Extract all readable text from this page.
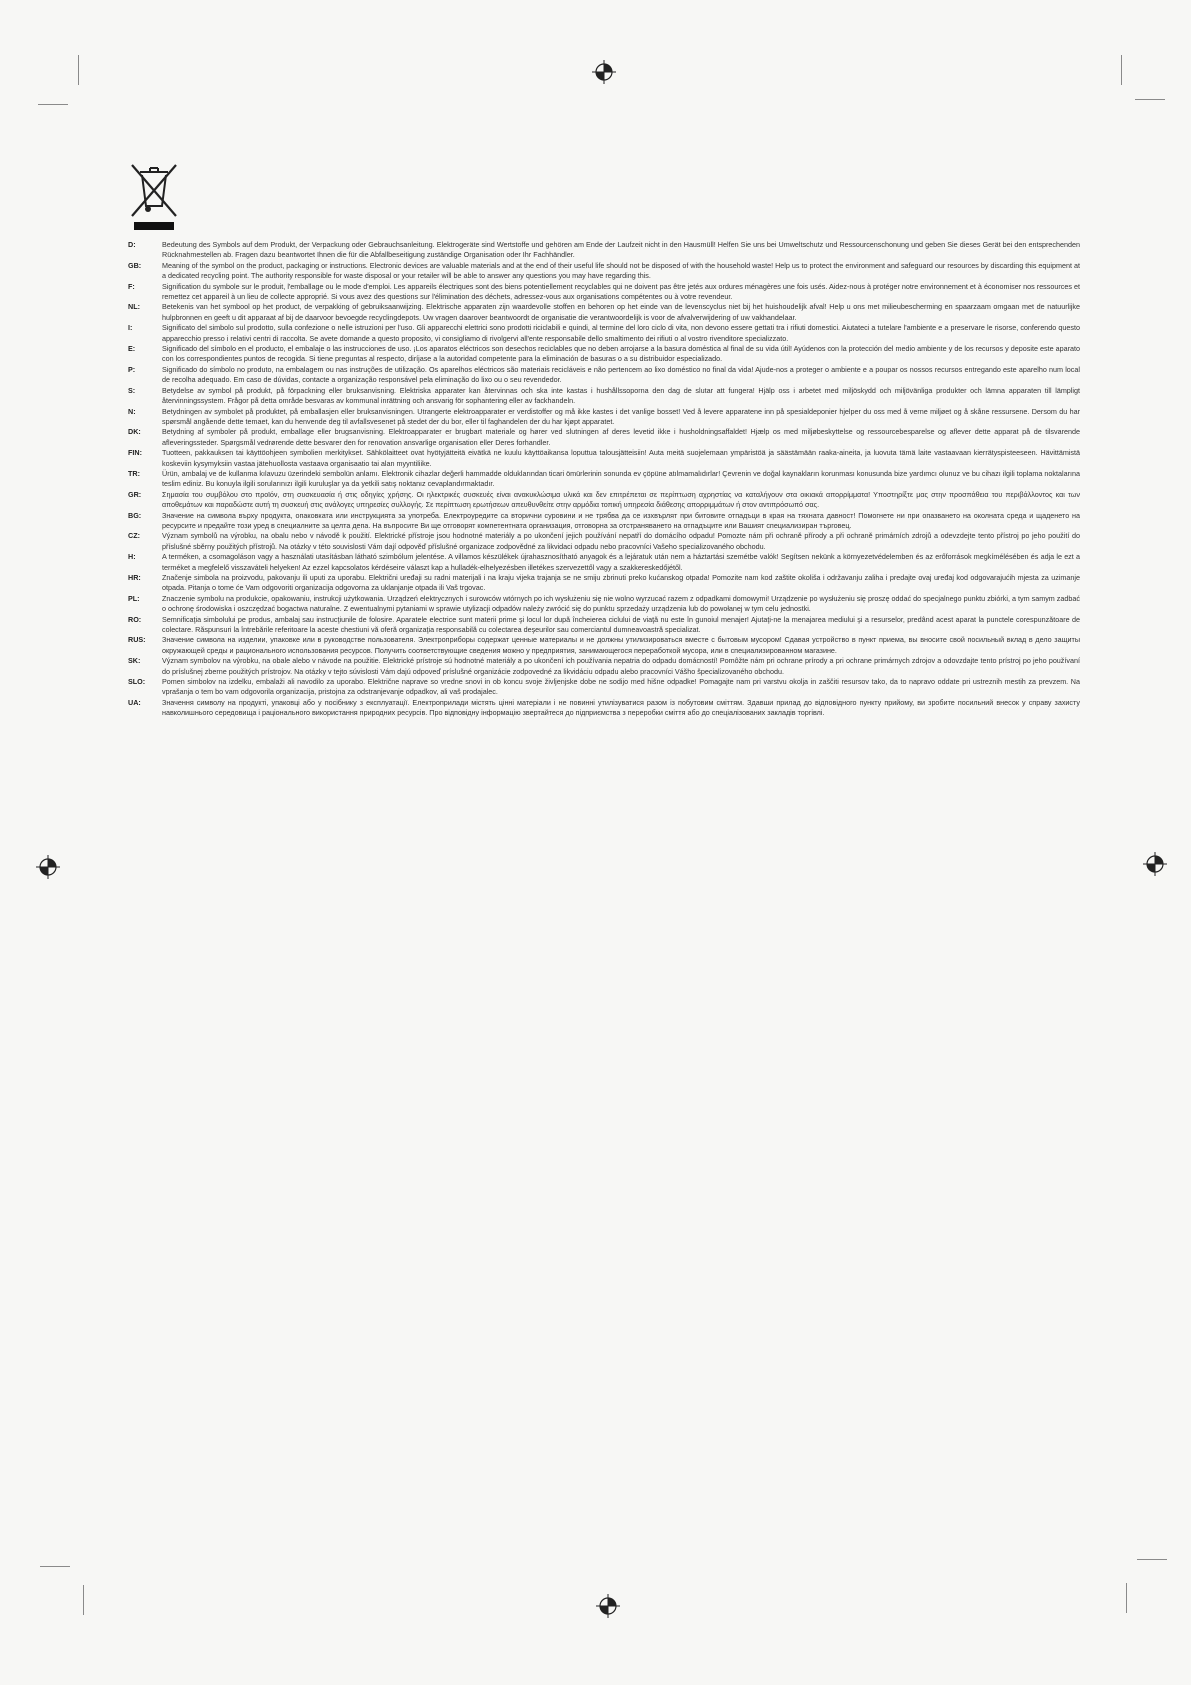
D:	Bedeutung des Symbols auf dem Produkt, der Verpackung oder Gebrauchsanleitung. Elektrogeräte sind Wertstoffe und gehören am Ende der Laufzeit nicht in den Hausmüll! Helfen Sie uns bei Umweltschutz und Ressourcenschonung und geben Sie dieses Gerät bei den entsprechenden Rücknahmestellen ab. Fragen dazu beantwortet Ihnen die für die Abfallbeseitigung zuständige Organisation oder Ihr Fachhändler.
GB:	Meaning of the symbol on the product, packaging or instructions. Electronic devices are valuable materials and at the end of their useful life should not be disposed of with the household waste! Help us to protect the environment and safeguard our resources by discarding this equipment at a dedicated recycling point. The authority responsible for waste disposal or your retailer will be able to answer any questions you may have regarding this.
F:	Signification du symbole sur le produit, l'emballage ou le mode d'emploi. Les appareils électriques sont des biens potentiellement recyclables qui ne doivent pas être jetés aux ordures ménagères une fois usés. Aidez-nous à protéger notre environnement et à économiser nos ressources et remettez cet appareil à un lieu de collecte approprié. Si vous avez des questions sur l'élimination des déchets, adressez-vous aux organisations compétentes ou à votre revendeur.
NL:	Betekenis van het symbool op het product, de verpakking of gebruiksaanwijzing. Elektrische apparaten zijn waardevolle stoffen en behoren op het einde van de levenscyclus niet bij het huishoudelijk afval! Help u ons met milieubescherming en spaarzaam omgaan met de natuurlijke hulpbronnen en geeft u dit apparaat af bij de daarvoor bevoegde recyclingdepots. Uw vragen daarover beantwoordt de organisatie die verantwoordelijk is voor de afvalverwijdering of uw vakhandelaar.
I:	Significato del simbolo sul prodotto, sulla confezione o nelle istruzioni per l'uso. Gli apparecchi elettrici sono prodotti riciclabili e quindi, al termine del loro ciclo di vita, non devono essere gettati tra i rifiuti domestici. Aiutateci a tutelare l'ambiente e a preservare le risorse, conferendo questo apparecchio presso i relativi centri di raccolta. Se avete domande a questo proposito, vi consigliamo di rivolgervi all'ente responsabile dello smaltimento dei rifiuti o al vostro rivenditore specializzato.
E:	Significado del símbolo en el producto, el embalaje o las instrucciones de uso. ¡Los aparatos eléctricos son desechos reciclables que no deben arrojarse a la basura doméstica al final de su vida útil! Ayúdenos con la protección del medio ambiente y de los recursos y deposite este aparato con los correspondientes puntos de recogida. Si tiene preguntas al respecto, diríjase a la autoridad competente para la eliminación de basuras o a su distribuidor especializado.
P:	Significado do símbolo no produto, na embalagem ou nas instruções de utilização. Os aparelhos eléctricos são materiais recicláveis e não pertencem ao lixo doméstico no final da vida! Ajude-nos a proteger o ambiente e a poupar os nossos recursos entregando este aparelho num local de recolha adequado. Em caso de dúvidas, contacte a organização responsável pela eliminação do lixo ou o seu revendedor.
S:	Betydelse av symbol på produkt, på förpackning eller bruksanvisning. Elektriska apparater kan återvinnas och ska inte kastas i hushållssoporna den dag de slutar att fungera! Hjälp oss i arbetet med miljöskydd och miljövänliga produkter och lämna apparaten till lämpligt återvinningssystem. Frågor på detta område besvaras av kommunal inrättning och ansvarig för sophantering eller av fackhandeln.
N:	Betydningen av symbolet på produktet, på emballasjen eller bruksanvisningen. Utrangerte elektroapparater er verdistoffer og må ikke kastes i det vanlige bosset! Ved å levere apparatene inn på spesialdeponier hjelper du oss med å verne miljøet og å skåne ressursene. Dersom du har spørsmål angående dette temaet, kan du henvende deg til avfallsvesenet på stedet der du bor, eller til faghandelen der du har kjøpt apparatet.
DK:	Betydning af symboler på produkt, emballage eller brugsanvisning. Elektroapparater er brugbart materiale og hører ved slutningen af deres levetid ikke i husholdningsaffaldet! Hjælp os med miljøbeskyttelse og ressourcebesparelse og aflever dette apparat på de tilsvarende afleveringssteder. Spørgsmål vedrørende dette besvarer den for renovation ansvarlige organisation eller Deres forhandler.
FIN:	Tuotteen, pakkauksen tai käyttöohjeen symbolien merkitykset. Sähkölaitteet ovat hyötyjätteitä eivätkä ne kuulu käyttöaikansa loputtua talousjätteisiin! Auta meitä suojelemaan ympäristöä ja säästämään raaka-aineita, ja luovuta tämä laite vastaavaan kierrätyspisteeseen. Hävittämistä koskeviin kysymyksiin vastaa jätehuollosta vastaava organisaatio tai alan myyntiliike.
TR:	Ürün, ambalaj ve de kullanma kılavuzu üzerindeki sembolün anlamı. Elektronik cihazlar değerli hammadde olduklarından ticari ömürlerinin sonunda ev çöpüne atılmamalıdırlar! Çevrenin ve doğal kaynakların korunması konusunda bize yardımcı olunuz ve bu cihazı ilgili toplama noktalarına teslim ediniz. Bu konuyla ilgili sorularınızı ilgili kuruluşlar ya da yetkili satış noktanız cevaplandırmaktadır.
GR:	Σημασία του συμβόλου στο προϊόν, στη συσκευασία ή στις οδηγίες χρήσης. Οι ηλεκτρικές συσκευές είναι ανακυκλώσιμα υλικά και δεν επιτρέπεται σε περίπτωση αχρηστίας να καταλήγουν στα οικιακά απορρίμματα! Υποστηρίξτε μας στην προσπάθεια του περιβάλλοντος και των αποθεμάτων και παραδώστε αυτή τη συσκευή στις ανάλογες υπηρεσίες συλλογής. Σε περίπτωση ερωτήσεων απευθυνθείτε στην αρμόδια τοπική υπηρεσία διάθεσης απορριμμάτων ή στον αντιπρόσωπό σας.
BG:	Значение на символа върху продукта, опаковката или инструкцията за употреба. Електроуредите са вторични суровини и не трябва да се изхвърлят при битовите отпадъци в края на тяхната давност! Помогнете ни при опазването на околната среда и щаденето на ресурсите и предайте този уред в специалните за целта депа. На въпросите Ви ще отговорят компетентната организация, отговорна за отстраняването на отпадъците или Вашият специализиран търговец.
CZ:	Význam symbolů na výrobku, na obalu nebo v návodě k použití. Elektrické přístroje jsou hodnotné materiály a po ukončení jejich používání nepatří do domácího odpadu! Pomozte nám při ochraně přírody a při ochraně primárních zdrojů a odevzdejte tento přístroj po jeho použití do příslušné sběrny použitých přístrojů. Na otázky v této souvislosti Vám dají odpověď příslušné organizace zodpovědné za likvidaci odpadu nebo pracovníci Vašeho specializovaného obchodu.
H:	A terméken, a csomagoláson vagy a használati utasításban látható szimbólum jelentése. A villamos készülékek újrahasznosítható anyagok és a lejáratuk után nem a háztartási szemétbe valók! Segítsen nekünk a környezetvédelemben és az erőforrások megkímélésében és adja le ezt a terméket a megfelelő visszaváteli helyeken! Az ezzel kapcsolatos kérdéseire választ kap a hulladék-elhelyezésben illetékes szervezettől vagy a szakkereskedőjétől.
HR:	Značenje simbola na proizvodu, pakovanju ili uputi za uporabu. Električni uređaji su radni materijali i na kraju vijeka trajanja se ne smiju zbrinuti preko kućanskog otpada! Pomozite nam kod zaštite okoliša i održavanju zaliha i predajte ovaj uređaj kod odgovarajućih mjesta za uzimanje otpada. Pitanja o tome će Vam odgovoriti organizacija odgovorna za uklanjanje otpada ili Vaš trgovac.
PL:	Znaczenie symbolu na produkcie, opakowaniu, instrukcji użytkowania. Urządzeń elektrycznych i surowców wtórnych po ich wysłużeniu się nie wolno wyrzucać razem z odpadkami domowymi! Urządzenie po wysłużeniu się proszę oddać do specjalnego punktu zbiórki, a tym samym zadbać o ochronę środowiska i oszczędzać bogactwa naturalne. Z ewentualnymi pytaniami w sprawie utylizacji odpadów należy zwrócić się do punktu sprzedaży urządzenia lub do powołanej w tym celu jednostki.
RO:	Semnificaţia simbolului pe produs, ambalaj sau instrucţiunile de folosire. Aparatele electrice sunt materii prime şi locul lor după încheierea ciclului de viaţă nu este în gunoiul menajer! Ajutaţi-ne la menajarea mediului şi a resurselor, predând acest aparat la punctele corespunzătoare de colectare. Răspunsuri la întrebările referitoare la aceste chestiuni vă oferă organizaţia responsabilă cu colectarea deşeurilor sau comerciantul dumneavoastră specializat.
RUS:	Значение символа на изделии, упаковке или в руководстве пользователя. Электроприборы содержат ценные материалы и не должны утилизироваться вместе с бытовым мусором! Сдавая устройство в пункт приема, вы вносите свой посильный вклад в дело защиты окружающей среды и рационального использования ресурсов. Получить соответствующие сведения можно у предприятия, занимающегося переработкой мусора, или в специализированном магазине.
SK:	Význam symbolov na výrobku, na obale alebo v návode na použitie. Elektrické prístroje sú hodnotné materiály a po ukončení ich používania nepatria do odpadu domácností! Pomôžte nám pri ochrane prírody a pri ochrane primárnych zdrojov a odovzdajte tento prístroj po jeho používaní do príslušnej zberne použitých prístrojov. Na otázky v tejto súvislosti Vám dajú odpoveď príslušné organizácie zodpovedné za likvidáciu odpadu alebo pracovníci Vášho špecializovaného obchodu.
SLO:	Pomen simbolov na izdelku, embalaži ali navodilo za uporabo. Električne naprave so vredne snovi in ob koncu svoje življenjske dobe ne sodijo med hišne odpadke! Pomagajte nam pri varstvu okolja in zaščiti resursov tako, da to napravo oddate pri ustreznih mestih za prevzem. Na vprašanja o tem bo vam odgovorila organizacija, pristojna za odstranjevanje odpadkov, ali vaš prodajalec.
UA:	Значення символу на продукті, упаковці або у посібнику з експлуатації. Електроприлади містять цінні матеріали і не повинні утилізуватися разом із побутовим сміттям. Здавши прилад до відповідного пункту прийому, ви зробите посильний внесок у справу захисту навколишнього середовища і раціонального використання природних ресурсів. Про відповідну інформацію звертайтеся до підприємства з переробки сміття або до спеціалізованих закладів торгівлі.
